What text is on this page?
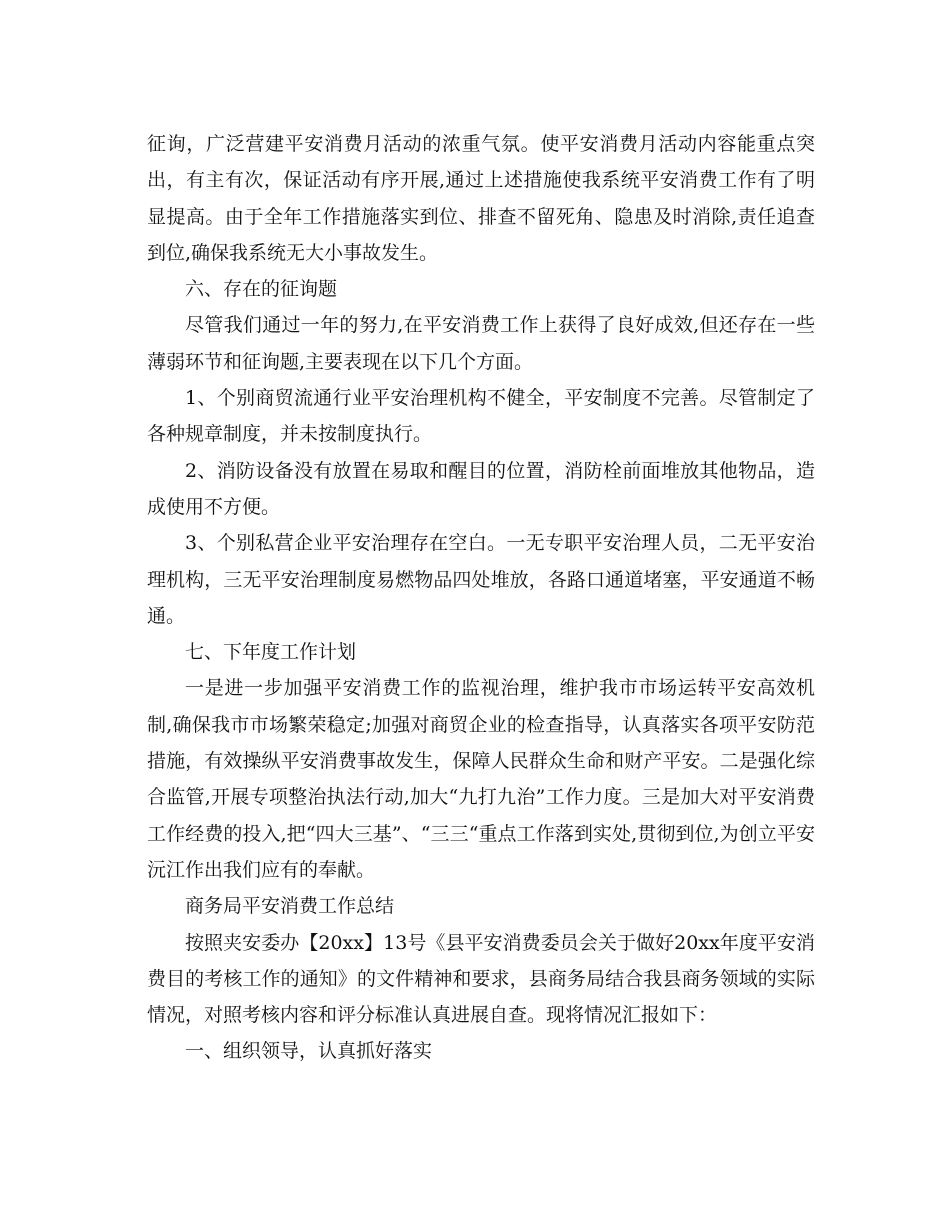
征询，广泛营建平安消费月活动的浓重气氛。使平安消费月活动内容能重点突出，有主有次，保证活动有序开展,通过上述措施使我系统平安消费工作有了明显提高。由于全年工作措施落实到位、排查不留死角、隐患及时消除,责任追查到位,确保我系统无大小事故发生。

六、存在的征询题

尽管我们通过一年的努力,在平安消费工作上获得了良好成效,但还存在一些薄弱环节和征询题,主要表现在以下几个方面。

1、个别商贸流通行业平安治理机构不健全，平安制度不完善。尽管制定了各种规章制度，并未按制度执行。

2、消防设备没有放置在易取和醒目的位置，消防栓前面堆放其他物品，造成使用不方便。

3、个别私营企业平安治理存在空白。一无专职平安治理人员，二无平安治理机构，三无平安治理制度易燃物品四处堆放，各路口通道堵塞，平安通道不畅通。

七、下年度工作计划

一是进一步加强平安消费工作的监视治理，维护我市市场运转平安高效机制,确保我市市场繁荣稳定;加强对商贸企业的检查指导，认真落实各项平安防范措施，有效操纵平安消费事故发生，保障人民群众生命和财产平安。二是强化综合监管,开展专项整治执法行动,加大“九打九治”工作力度。三是加大对平安消费工作经费的投入,把“四大三基”、“三三“重点工作落到实处,贯彻到位,为创立平安沅江作出我们应有的奉献。

商务局平安消费工作总结

按照夹安委办【20xx】13号《县平安消费委员会关于做好20xx年度平安消费目的考核工作的通知》的文件精神和要求，县商务局结合我县商务领域的实际情况，对照考核内容和评分标准认真进展自查。现将情况汇报如下：

一、组织领导，认真抓好落实
